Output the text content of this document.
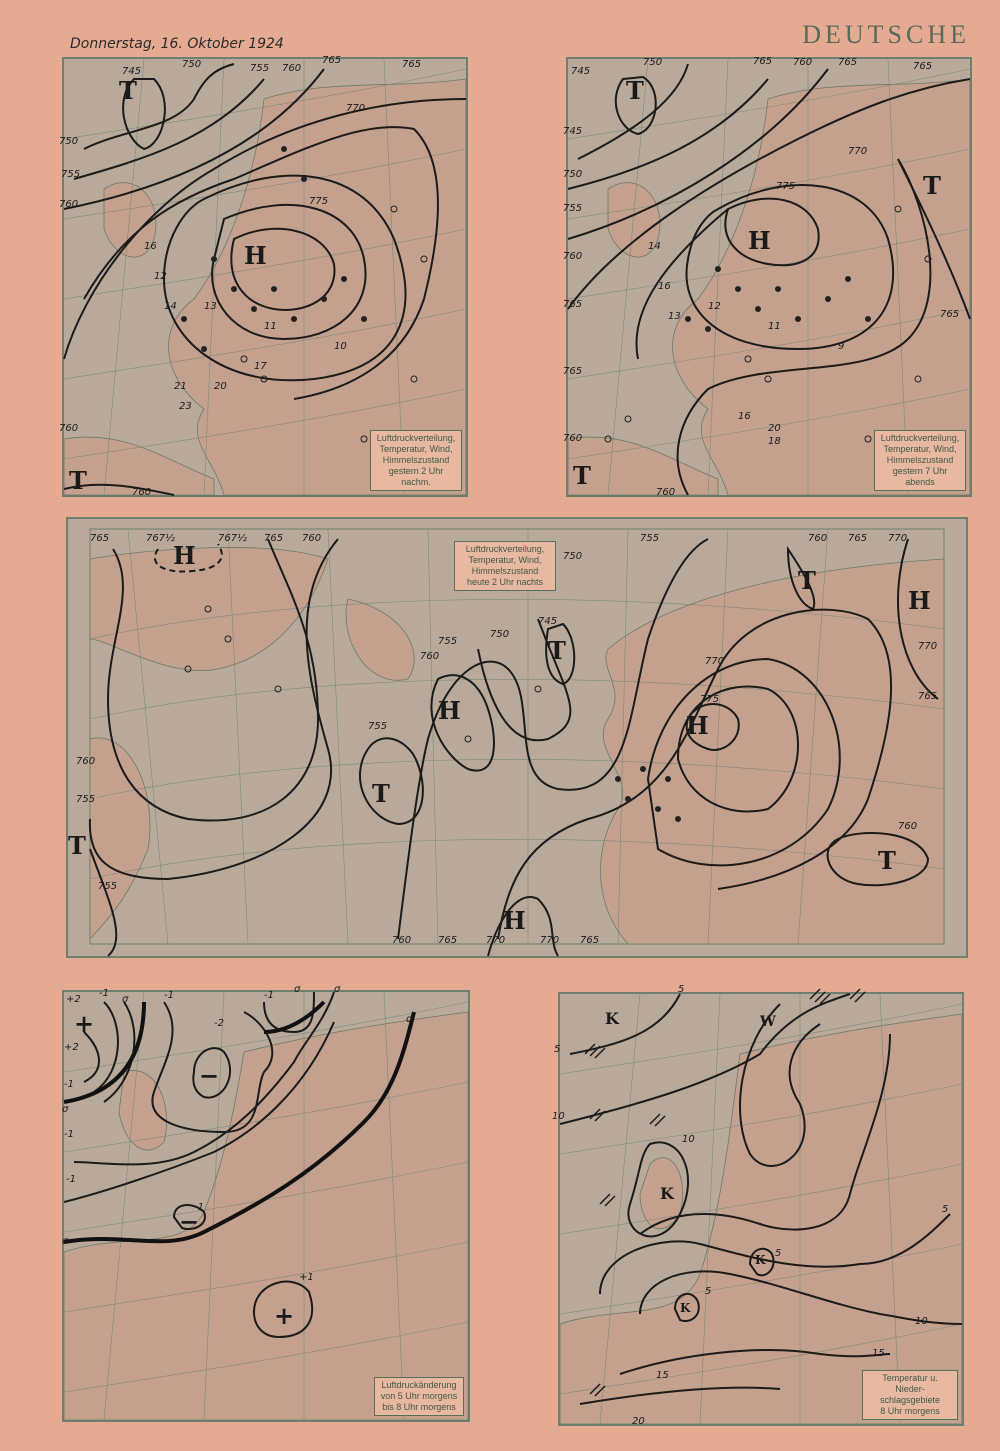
DEUTSCHE
Donnerstag, 16. Oktober 1924
T
H
T
745
750	755 760
765	765
770
775
750
755
760
760
760
16
12
14	13
11
10
21
23
20
17
Luftdruckverteilung,
Temperatur, Wind,
Himmelszustand
gestern 2 Uhr nachm.
T
H
T
T
745
750	765 760	765	765
770
775
745
750
755
760
765
765
760
765
760
14
16
13
12
11
9
16
18
20
Luftdruckverteilung,
Temperatur, Wind,
Himmelszustand
gestern 7 Uhr abends
H
H
T
T
T
H
H
T
H
T
765	767½	767½ 765 760
760
755
750
745
750
755	760 765 770
770
775
770
765
760
755
760
755
755
760	765	770	770 765
Luftdruckverteilung,
Temperatur, Wind,
Himmelszustand
heute 2 Uhr nachts
+
−
−
+
+2
-1
σ	-1
-2
-1
σ	σ
σ
+2
-1
σ
-1
-1
σ
-1
+1
Luftdruckänderung
von 5 Uhr morgens
bis 8 Uhr morgens
K
K
K
K
W
5
5
10
10
5
5
5
10
15
15
20
Temperatur u. Nieder-
schlagsgebiete
8 Uhr morgens
